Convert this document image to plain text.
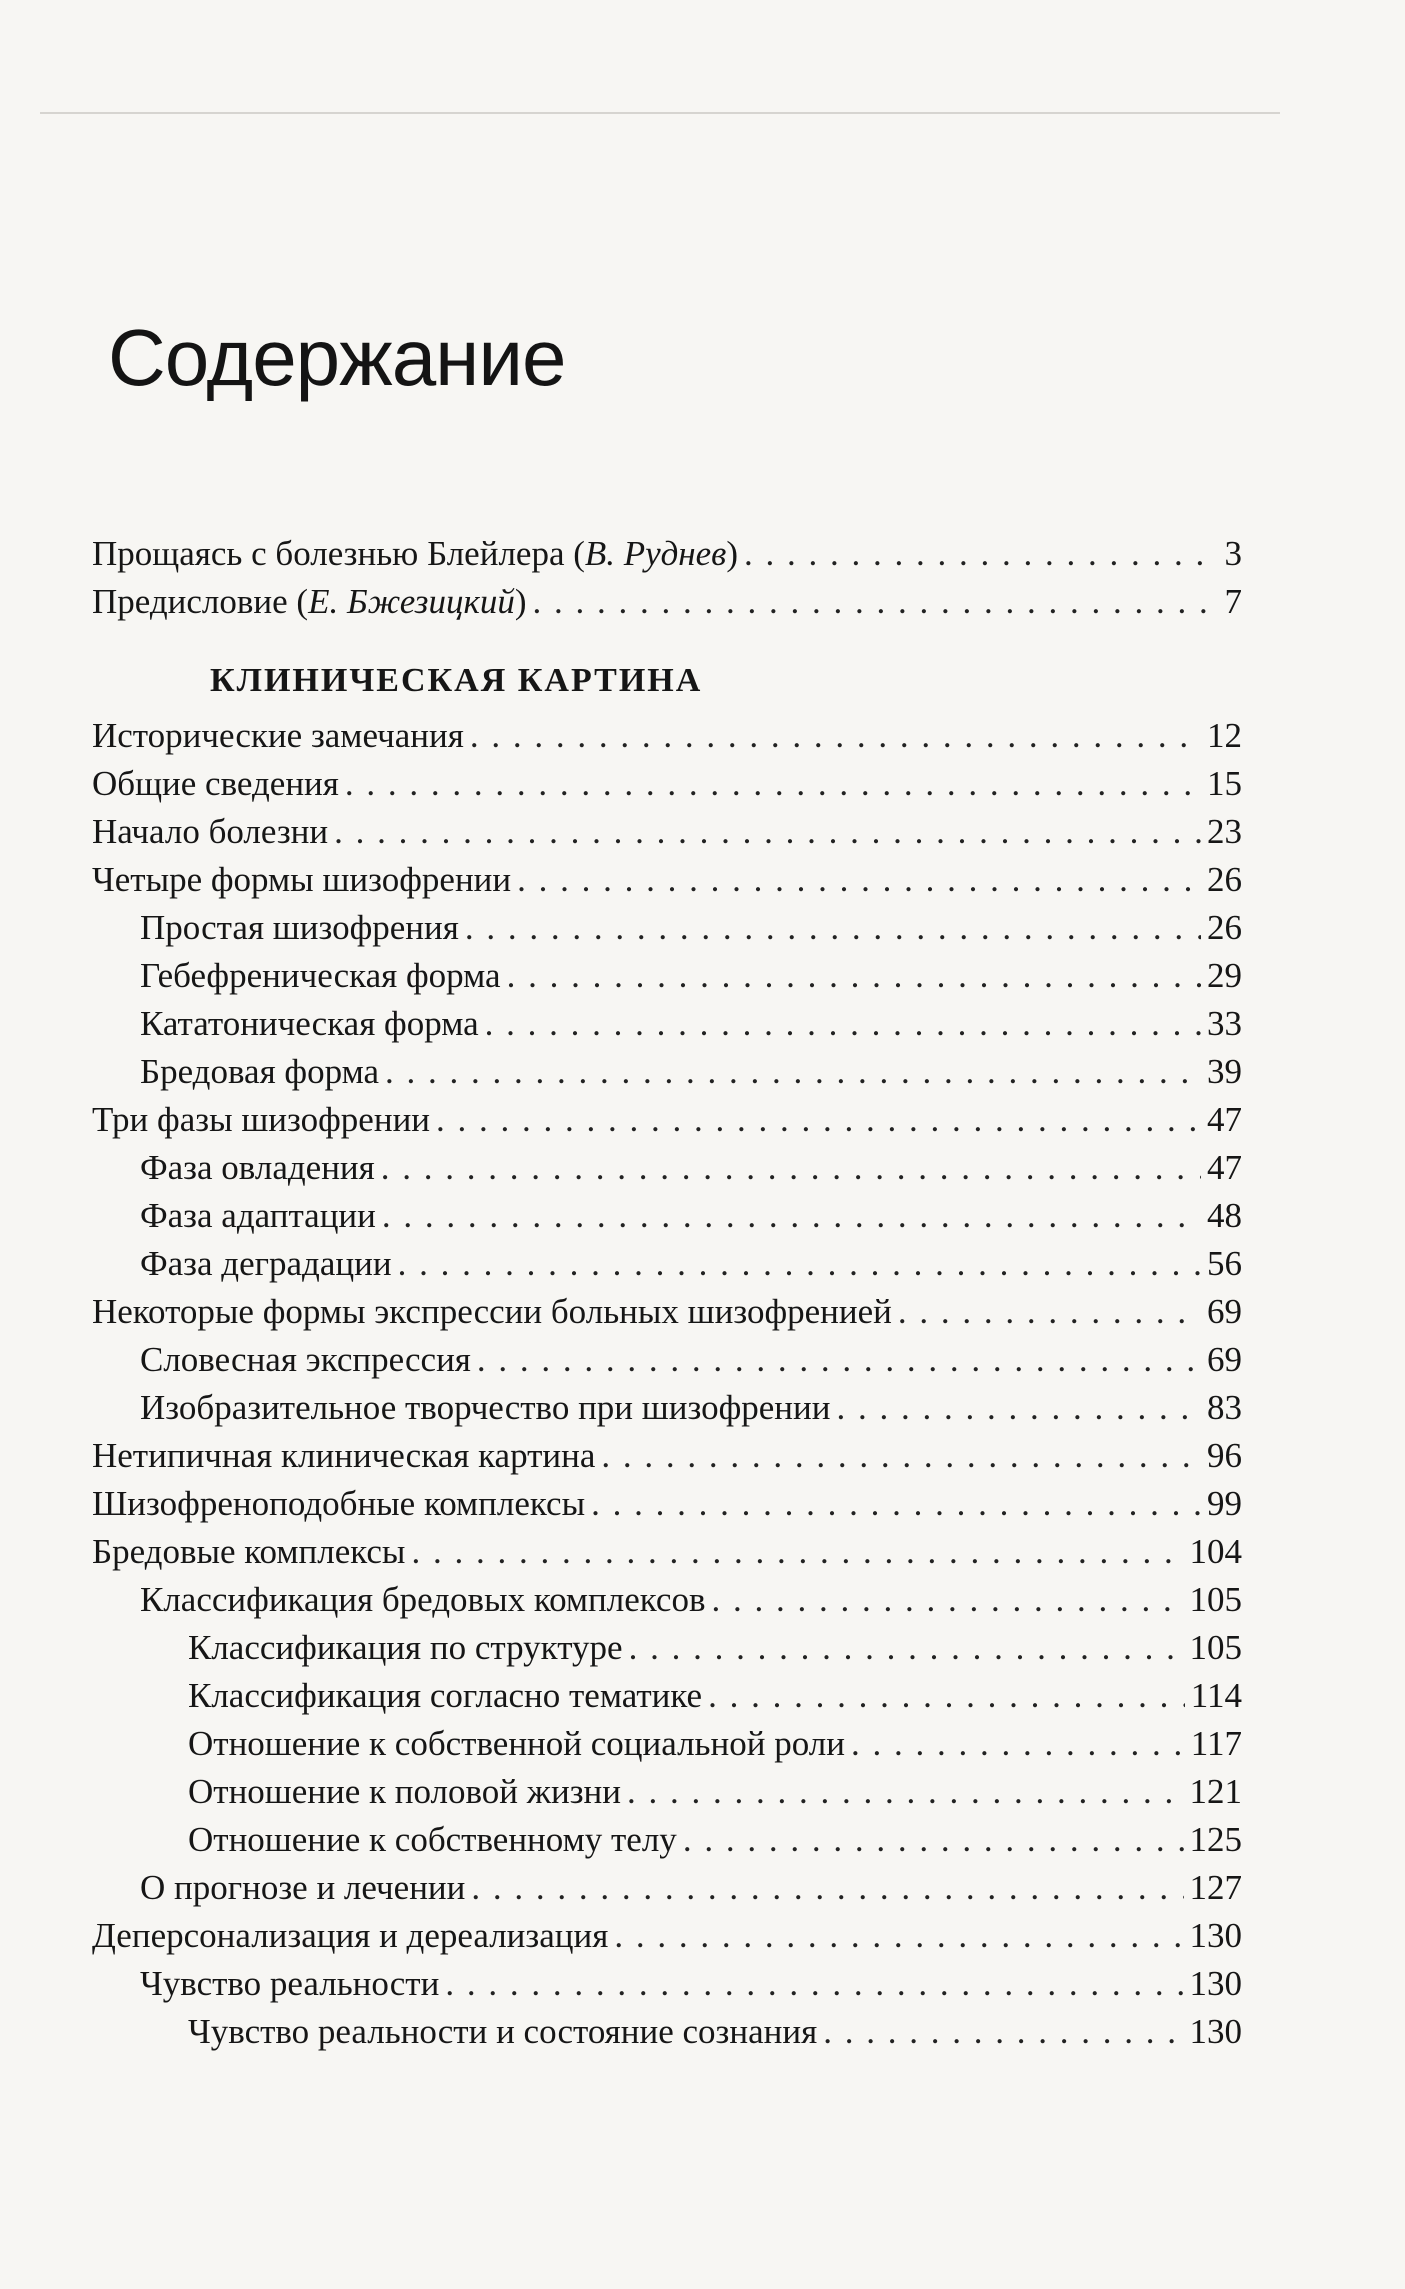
Содержание
Прощаясь с болезнью Блейлера (В. Руднев) . . .	3
Предисловие (Е. Бжезицкий) . . .	7
КЛИНИЧЕСКАЯ КАРТИНА
Исторические замечания . . .	12
Общие сведения . . .	15
Начало болезни . . .	23
Четыре формы шизофрении . . .	26
Простая шизофрения . . .	26
Гебефреническая форма . . .	29
Кататоническая форма . . .	33
Бредовая форма . . .	39
Три фазы шизофрении . . .	47
Фаза овладения . . .	47
Фаза адаптации . . .	48
Фаза деградации . . .	56
Некоторые формы экспрессии больных шизофренией . . .	69
Словесная экспрессия . . .	69
Изобразительное творчество при шизофрении . . .	83
Нетипичная клиническая картина . . .	96
Шизофреноподобные комплексы . . .	99
Бредовые комплексы . . .	104
Классификация бредовых комплексов . . .	105
Классификация по структуре . . .	105
Классификация согласно тематике . . .	114
Отношение к собственной социальной роли . . .	117
Отношение к половой жизни . . .	121
Отношение к собственному телу . . .	125
О прогнозе и лечении . . .	127
Деперсонализация и дереализация . . .	130
Чувство реальности . . .	130
Чувство реальности и состояние сознания . . .	130
